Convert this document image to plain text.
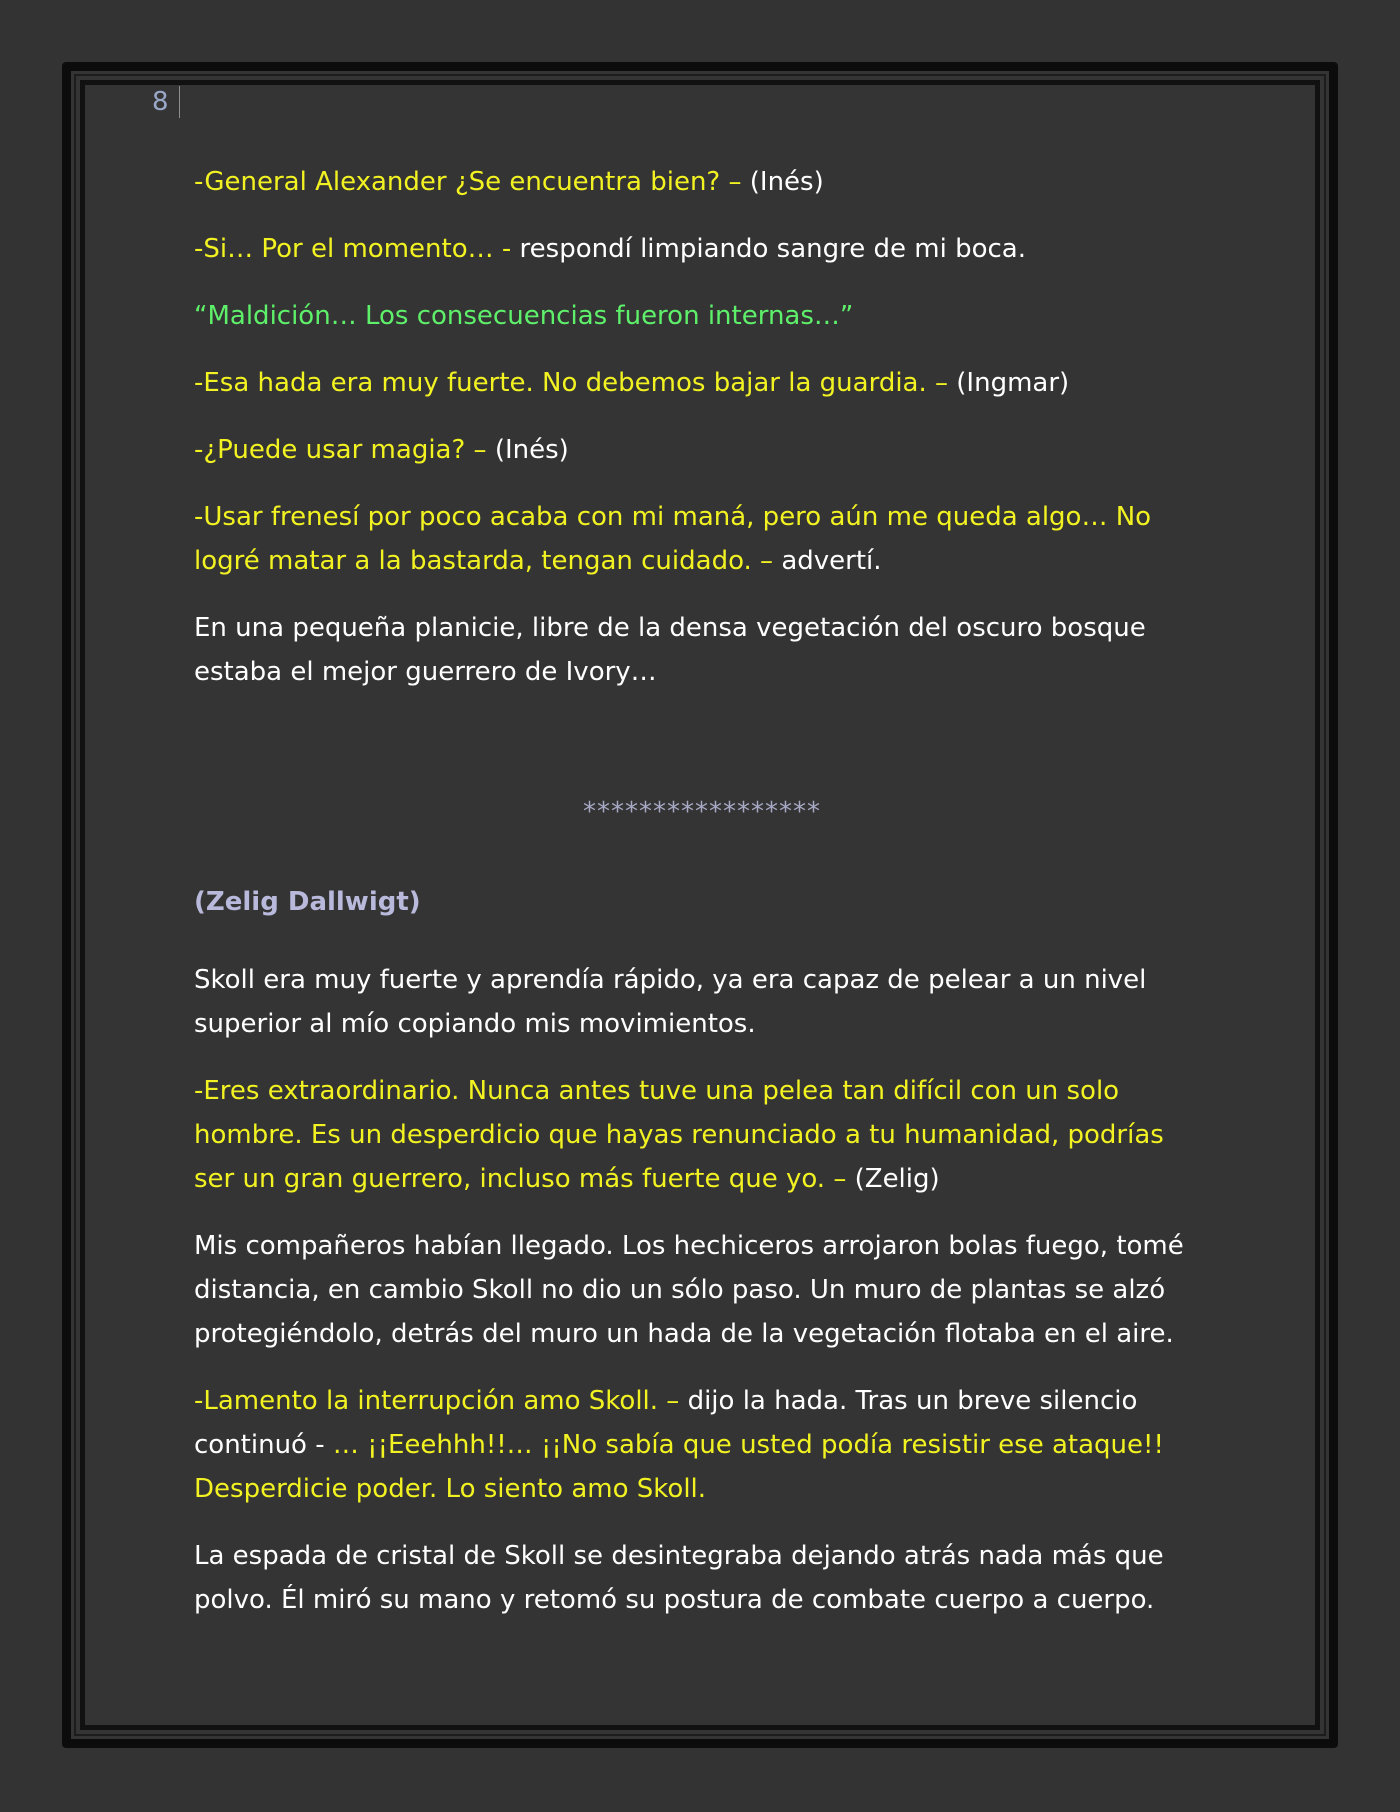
8

-General Alexander ¿Se encuentra bien? – (Inés)

-Si… Por el momento… - respondí limpiando sangre de mi boca.

“Maldición… Los consecuencias fueron internas…”

-Esa hada era muy fuerte. No debemos bajar la guardia. – (Ingmar)

-¿Puede usar magia? – (Inés)

-Usar frenesí por poco acaba con mi maná, pero aún me queda algo… No logré matar a la bastarda, tengan cuidado. – advertí.

En una pequeña planicie, libre de la densa vegetación del oscuro bosque estaba el mejor guerrero de Ivory…

*****************

(Zelig Dallwigt)

Skoll era muy fuerte y aprendía rápido, ya era capaz de pelear a un nivel superior al mío copiando mis movimientos.

-Eres extraordinario. Nunca antes tuve una pelea tan difícil con un solo hombre. Es un desperdicio que hayas renunciado a tu humanidad, podrías ser un gran guerrero, incluso más fuerte que yo. – (Zelig)

Mis compañeros habían llegado. Los hechiceros arrojaron bolas fuego, tomé distancia, en cambio Skoll no dio un sólo paso. Un muro de plantas se alzó protegiéndolo, detrás del muro un hada de la vegetación flotaba en el aire.

-Lamento la interrupción amo Skoll. – dijo la hada. Tras un breve silencio continuó - … ¡¡Eeehhh!!… ¡¡No sabía que usted podía resistir ese ataque!! Desperdicie poder. Lo siento amo Skoll.

La espada de cristal de Skoll se desintegraba dejando atrás nada más que polvo. Él miró su mano y retomó su postura de combate cuerpo a cuerpo.
